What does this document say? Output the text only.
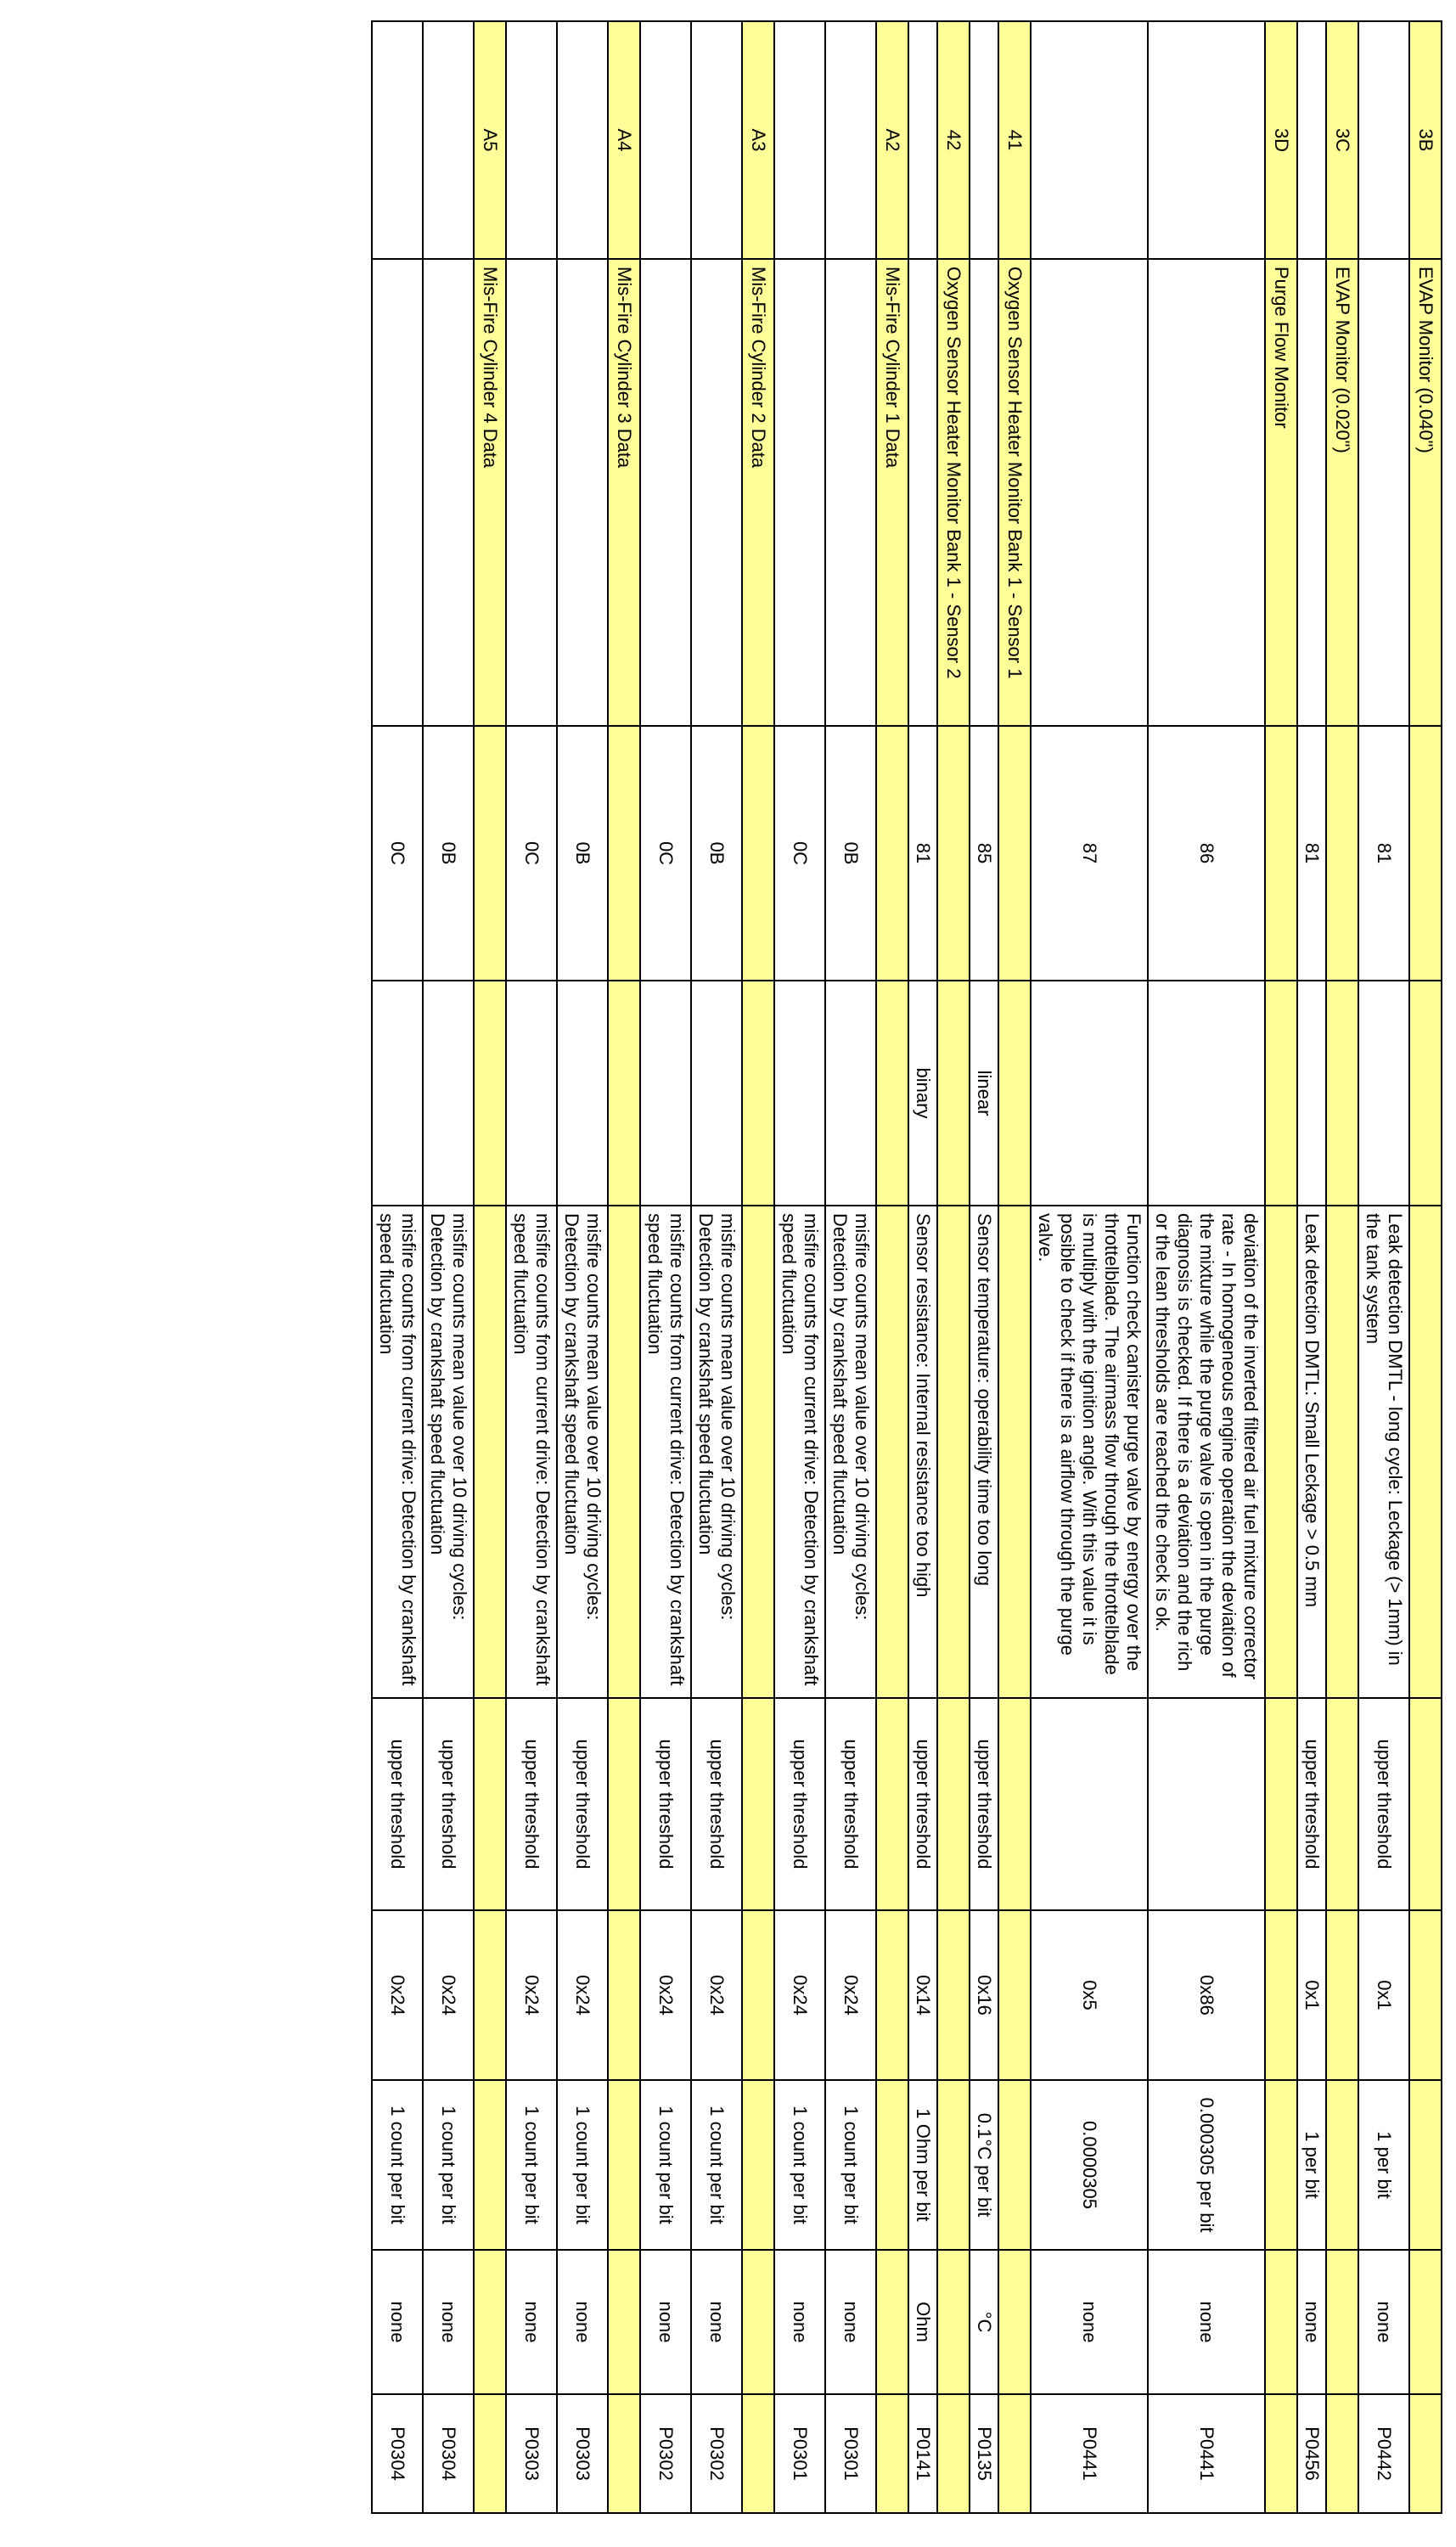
3B	EVAP Monitor (0.040")								
		81		Leak detection DMTL - long cycle: Leckage (> 1mm) in the tank system	upper threshold	0x1	1 per bit	none	P0442
3C	EVAP Monitor (0.020")								
		81		Leak detection DMTL: Small Leckage > 0.5 mm	upper threshold	0x1	1 per bit	none	P0456
3D	Purge Flow Monitor								
		86		deviation of the inverted filtered air fuel mixture corrector rate - In homogeneous engine operation the deviation of the mixture while the purge valve is open in the purge diagnosis is checked. If there is a deviation and the rich or the lean thresholds are reached the check is ok.		0x86	0.000305 per bit	none	P0441
		87		Function check canister purge valve by energy over the throttelblade. The airmass flow through the throttelblade is multiply with the ignition angle. With this value it is posible to check if there is a airflow through the purge valve.		0x5	0.0000305	none	P0441
41	Oxygen Sensor Heater Monitor Bank 1 - Sensor 1								
		85	linear	Sensor temperature: operability time too long	upper threshold	0x16	0.1°C per bit	°C	P0135
42	Oxygen Sensor Heater Monitor Bank 1 - Sensor 2								
		81	binary	Sensor resistance: Internal resistance too high	upper threshold	0x14	1 Ohm per bit	Ohm	P0141
A2	Mis-Fire Cylinder 1 Data								
		0B		misfire counts mean value over 10 driving cycles: Detection by crankshaft speed fluctuation	upper threshold	0x24	1 count per bit	none	P0301
		0C		misfire counts from current drive: Detection by crankshaft speed fluctuation	upper threshold	0x24	1 count per bit	none	P0301
A3	Mis-Fire Cylinder 2 Data								
		0B		misfire counts mean value over 10 driving cycles: Detection by crankshaft speed fluctuation	upper threshold	0x24	1 count per bit	none	P0302
		0C		misfire counts from current drive: Detection by crankshaft speed fluctuation	upper threshold	0x24	1 count per bit	none	P0302
A4	Mis-Fire Cylinder 3 Data								
		0B		misfire counts mean value over 10 driving cycles: Detection by crankshaft speed fluctuation	upper threshold	0x24	1 count per bit	none	P0303
		0C		misfire counts from current drive: Detection by crankshaft speed fluctuation	upper threshold	0x24	1 count per bit	none	P0303
A5	Mis-Fire Cylinder 4 Data								
		0B		misfire counts mean value over 10 driving cycles: Detection by crankshaft speed fluctuation	upper threshold	0x24	1 count per bit	none	P0304
		0C		misfire counts from current drive: Detection by crankshaft speed fluctuation	upper threshold	0x24	1 count per bit	none	P0304
